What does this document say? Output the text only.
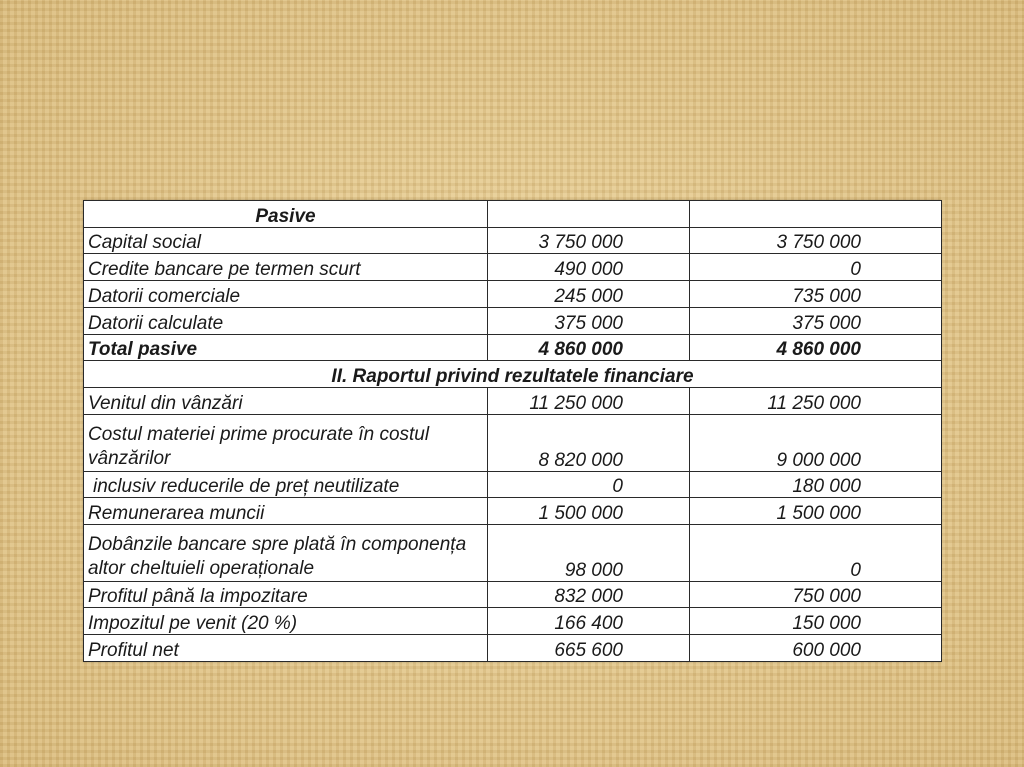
Pasive		
Capital social	3 750 000	3 750 000
Credite bancare pe termen scurt	490 000	0
Datorii comerciale	245 000	735 000
Datorii calculate	375 000	375 000
Total pasive	4 860 000	4 860 000
II. Raportul privind rezultatele financiare		
Venitul din vânzări	11 250 000	11 250 000
Costul materiei prime procurate în costul vânzărilor	8 820 000	9 000 000
inclusiv reducerile de preț neutilizate	0	180 000
Remunerarea muncii	1 500 000	1 500 000
Dobânzile bancare spre plată în componența altor cheltuieli operaționale	98 000	0
Profitul până la impozitare	832 000	750 000
Impozitul pe venit (20 %)	166 400	150 000
Profitul net	665 600	600 000
